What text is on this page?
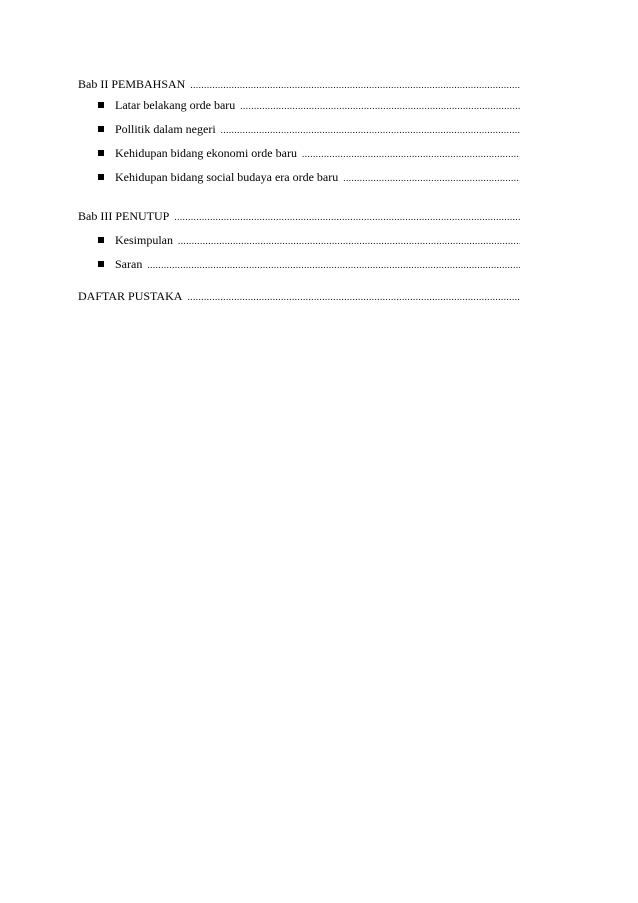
Bab II PEMBAHSAN
.....
Latar belakang orde baru
.....
Pollitik dalam negeri
.....
Kehidupan bidang ekonomi orde baru
.....
Kehidupan bidang social budaya era orde baru
.....
Bab III PENUTUP
.....
Kesimpulan
.....
Saran
.....
DAFTAR PUSTAKA
.....
